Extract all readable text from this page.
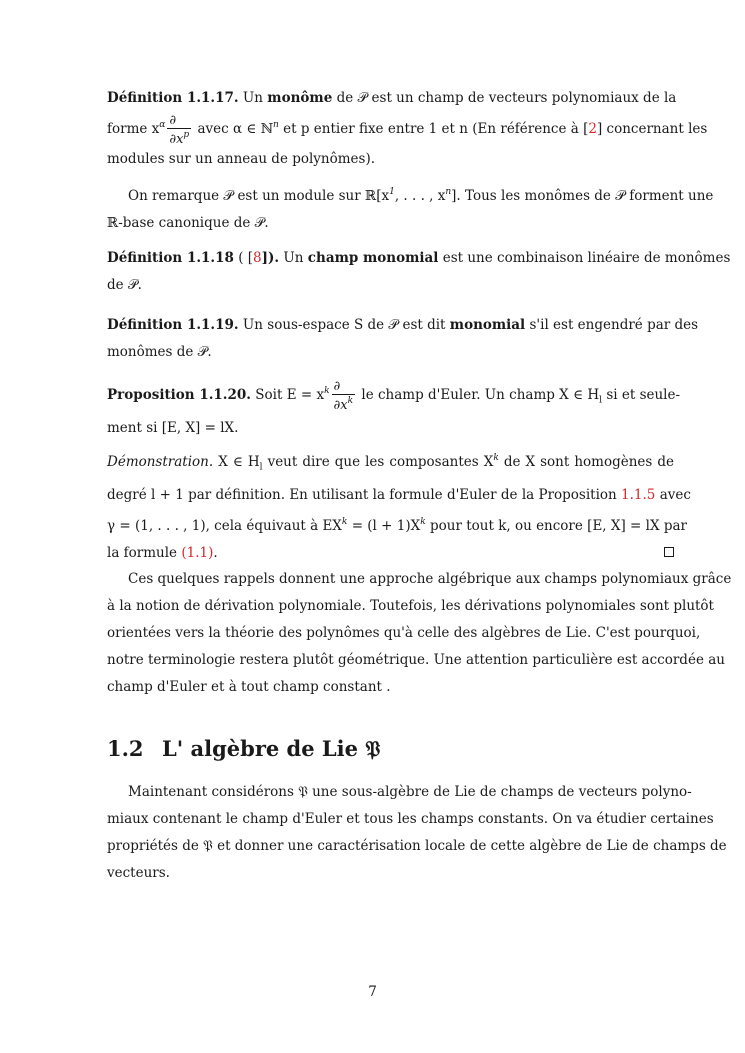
Définition 1.1.17. Un monôme de 𝒫 est un champ de vecteurs polynomiaux de la
forme $x^\alpha \frac{\partial}{\partial x^p}$ avec α ∈ ℕ$^n$ et p entier fixe entre 1 et n (En référence à [2] concernant les
modules sur un anneau de polynômes).
On remarque 𝒫 est un module sur $ℝ[x^1$, . . . , $x^n$]. Tous les monômes de 𝒫 forment une
ℝ-base canonique de 𝒫.
Définition 1.1.18 ( [8]). Un champ monomial est une combinaison linéaire de monômes
de 𝒫.
Définition 1.1.19. Un sous-espace S de 𝒫 est dit monomial s'il est engendré par des
monômes de 𝒫.
Proposition 1.1.20. Soit $E = x^k \frac{\partial}{\partial x^k}$ le champ d'Euler. Un champ X ∈ $H_l$ si et seule-
ment si [E, X] = lX.
Démonstration. X ∈ $H_l$ veut dire que les composantes $X^k$ de X sont homogènes de
degré l + 1 par définition. En utilisant la formule d'Euler de la Proposition 1.1.5 avec
γ = (1, . . . , 1), cela équivaut à $EX^k = (l + 1)X^k$ pour tout k, ou encore [E, X] = lX par
la formule (1.1).
Ces quelques rappels donnent une approche algébrique aux champs polynomiaux grâce
à la notion de dérivation polynomiale. Toutefois, les dérivations polynomiales sont plutôt
orientées vers la théorie des polynômes qu'à celle des algèbres de Lie. C'est pourquoi,
notre terminologie restera plutôt géométrique. Une attention particulière est accordée au
champ d'Euler et à tout champ constant .
1.2 L' algèbre de Lie 𝔓
Maintenant considérons 𝔓 une sous-algèbre de Lie de champs de vecteurs polyno-
miaux contenant le champ d'Euler et tous les champs constants. On va étudier certaines
propriétés de 𝔓 et donner une caractérisation locale de cette algèbre de Lie de champs de
vecteurs.
7
